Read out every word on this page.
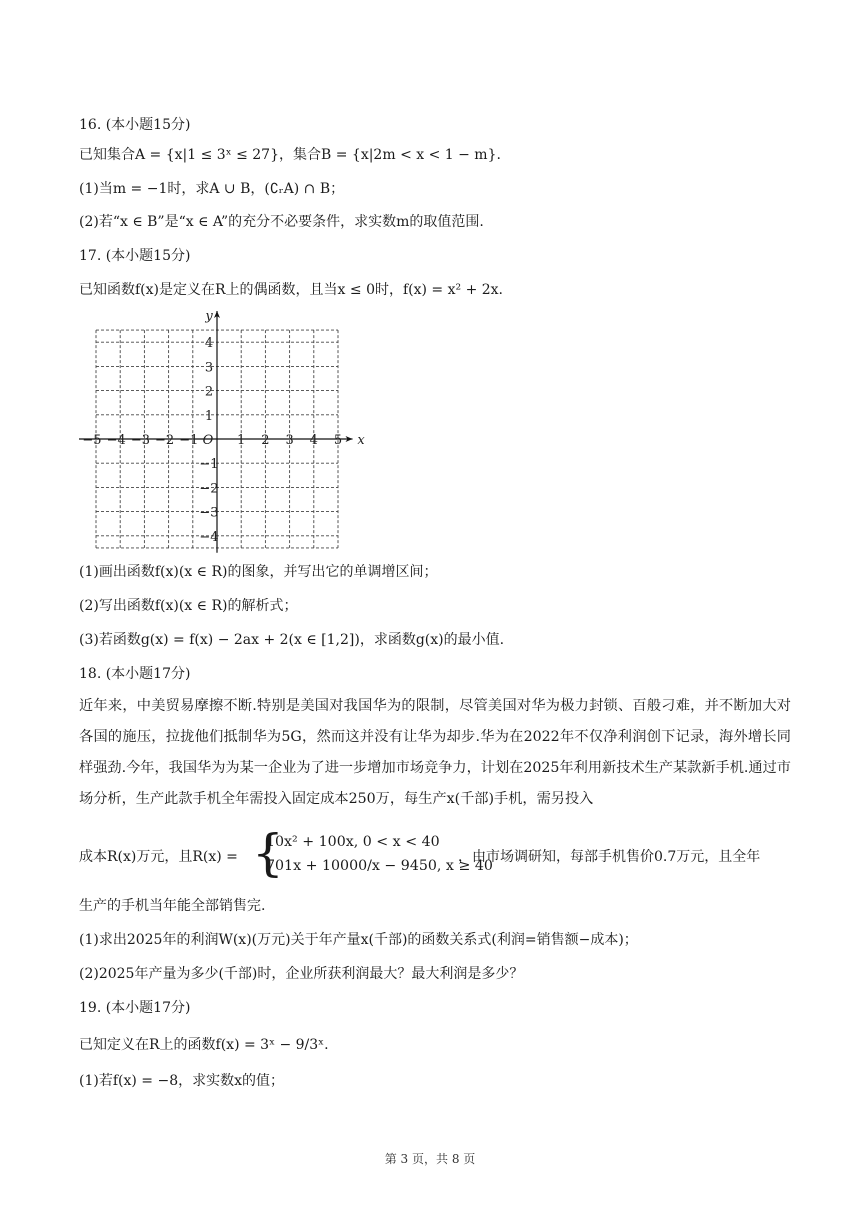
16. (本小题15分)
已知集合A = {x|1 ≤ 3ˣ ≤ 27}，集合B = {x|2m < x < 1 − m}.
(1)当m = −1时，求A ∪ B，(∁ᵣA) ∩ B；
(2)若“x ∈ B”是“x ∈ A”的充分不必要条件，求实数m的取值范围.
17. (本小题15分)
已知函数f(x)是定义在R上的偶函数，且当x ≤ 0时，f(x) = x² + 2x.
x
y
O
−5 −4 −3 −2 −1	1 2 3 4 5
4
3
2
1
−1
−2
−3
−4
(1)画出函数f(x)(x ∈ R)的图象，并写出它的单调增区间；
(2)写出函数f(x)(x ∈ R)的解析式；
(3)若函数g(x) = f(x) − 2ax + 2(x ∈ [1,2])，求函数g(x)的最小值.
18. (本小题17分)
近年来，中美贸易摩擦不断.特别是美国对我国华为的限制，尽管美国对华为极力封锁、百般刁难，并不断加大对各国的施压，拉拢他们抵制华为5G，然而这并没有让华为却步.华为在2022年不仅净利润创下记录，海外增长同样强劲.今年，我国华为为某一企业为了进一步增加市场竞争力，计划在2025年利用新技术生产某款新手机.通过市场分析，生产此款手机全年需投入固定成本250万，每生产x(千部)手机，需另投入
成本R(x)万元，且R(x) = {
10x² + 100x, 0 < x < 40
701x + 10000/x − 9450, x ≥ 40
，由市场调研知，每部手机售价0.7万元，且全年
生产的手机当年能全部销售完.
(1)求出2025年的利润W(x)(万元)关于年产量x(千部)的函数关系式(利润=销售额−成本)；
(2)2025年产量为多少(千部)时，企业所获利润最大？最大利润是多少？
19. (本小题17分)
已知定义在R上的函数f(x) = 3ˣ − 9/3ˣ.
(1)若f(x) = −8，求实数x的值；
第 3 页，共 8 页
